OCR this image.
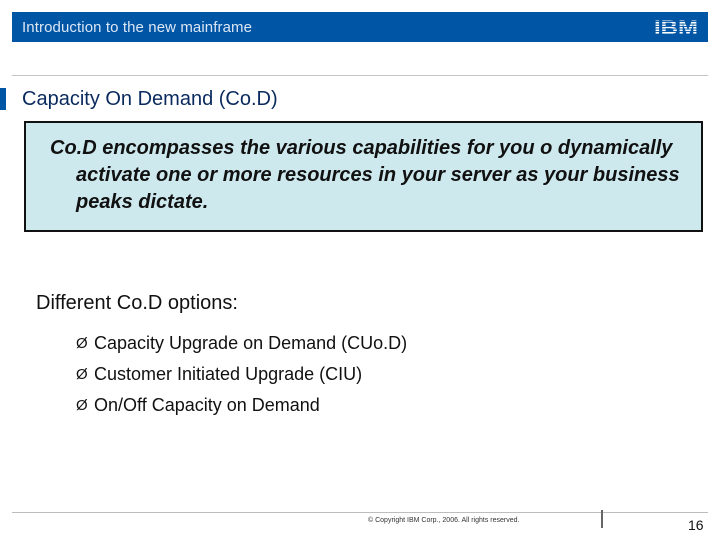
Introduction to the new mainframe
Capacity On Demand (Co.D)
Co.D encompasses the various capabilities for you o dynamically activate one or more resources in your server as your business peaks dictate.
Different Co.D options:
Ø Capacity Upgrade on Demand (CUo.D)
Ø Customer Initiated Upgrade (CIU)
Ø On/Off Capacity on Demand
© Copyright IBM Corp., 2006. All rights reserved.	16
